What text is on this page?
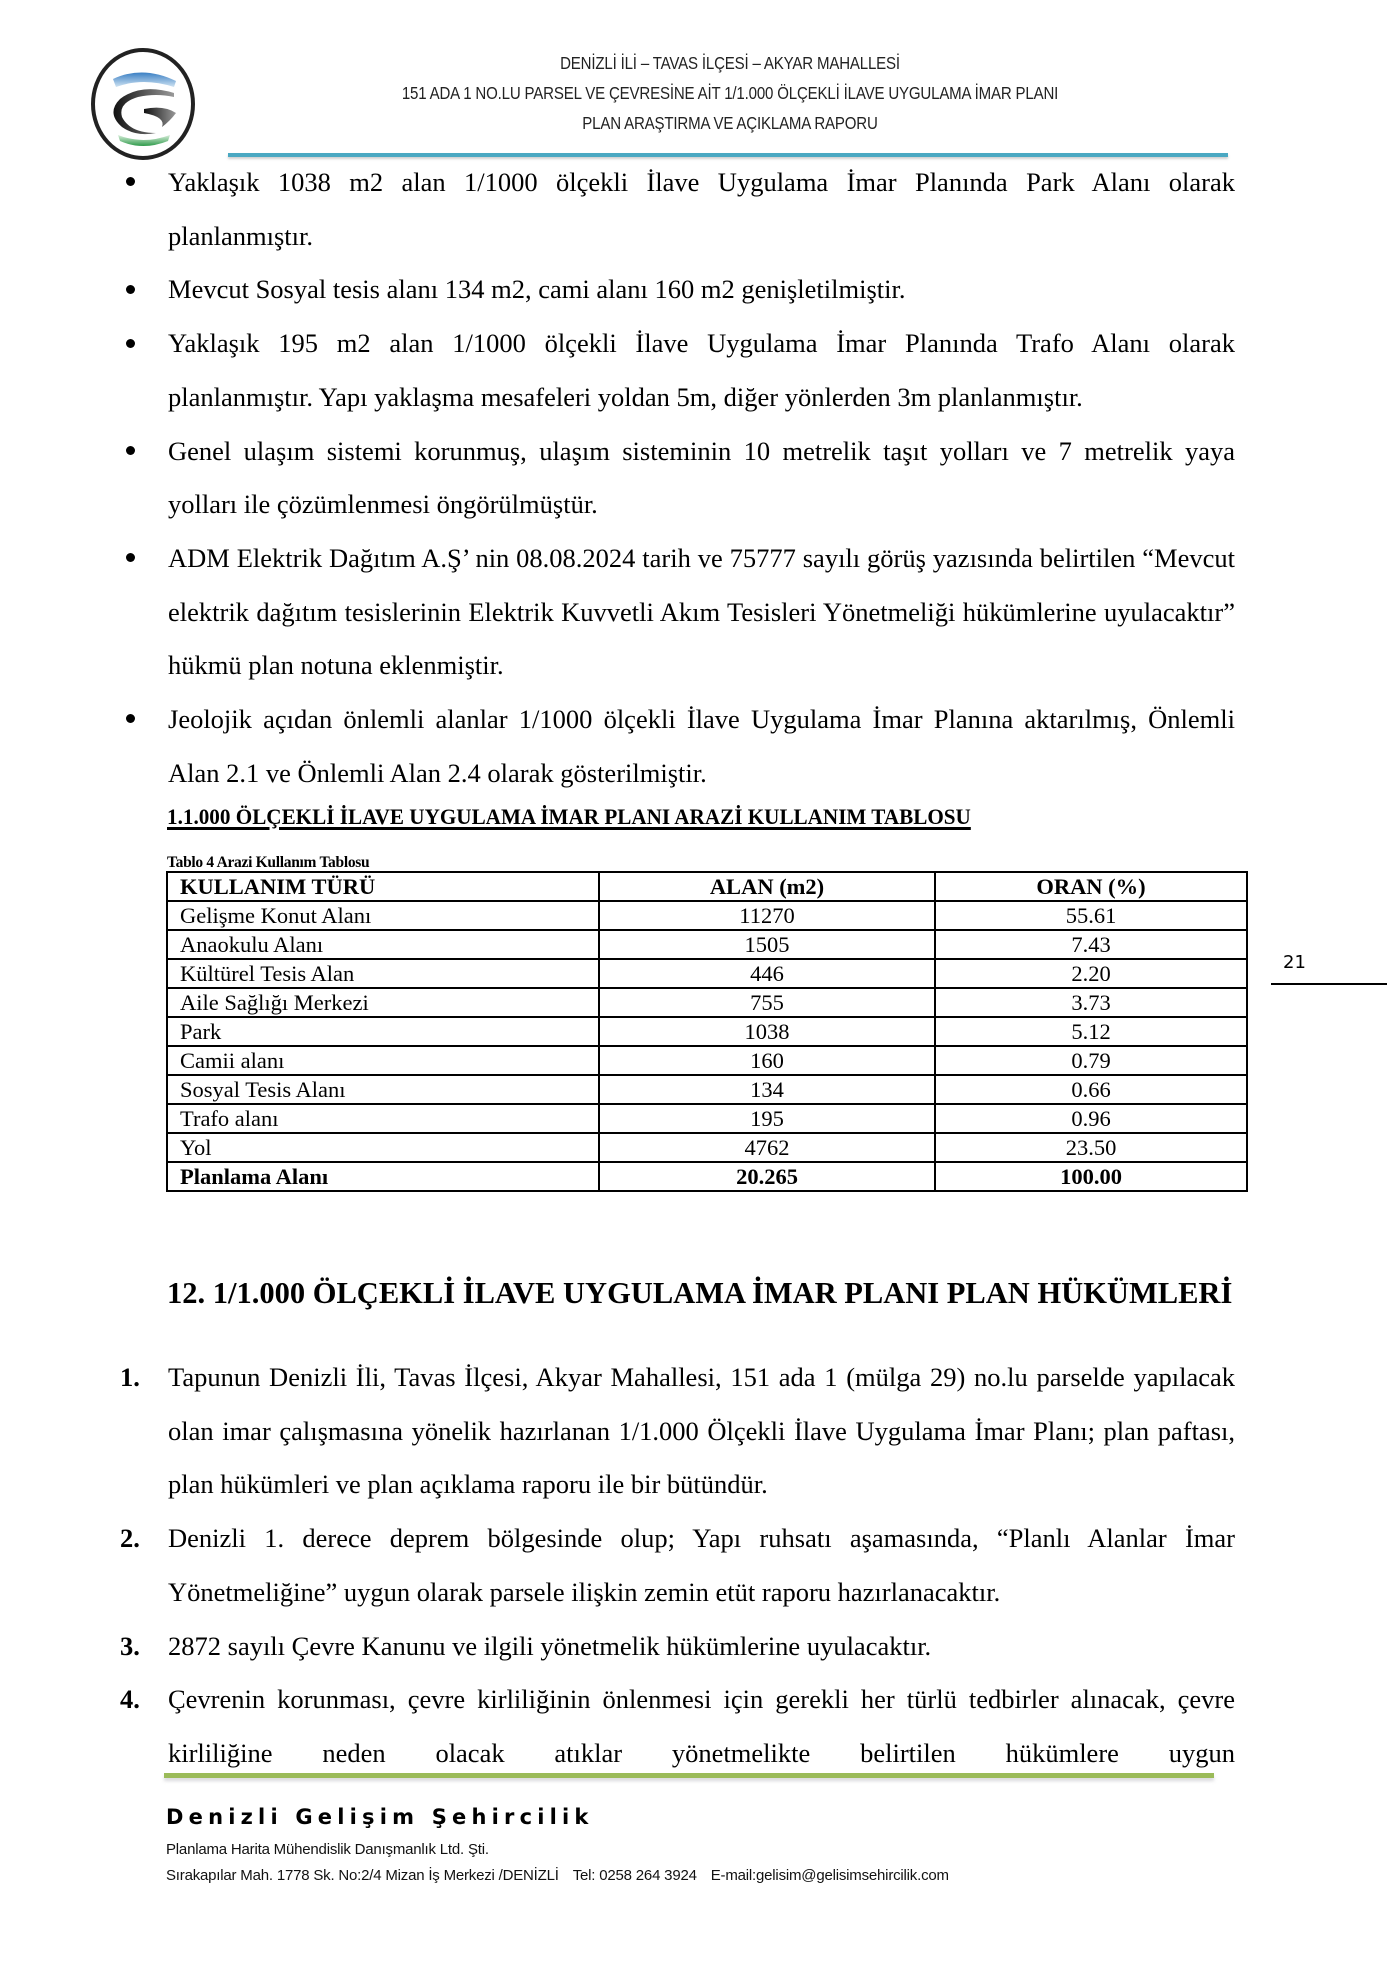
DENİZLİ İLİ – TAVAS İLÇESİ – AKYAR MAHALLESİ
151 ADA 1 NO.LU PARSEL VE ÇEVRESİNE AİT 1/1.000 ÖLÇEKLİ İLAVE UYGULAMA İMAR PLANI
PLAN ARAŞTIRMA VE AÇIKLAMA RAPORU
Yaklaşık 1038 m2 alan 1/1000 ölçekli İlave Uygulama İmar Planında Park Alanı olarak planlanmıştır.
Mevcut Sosyal tesis alanı 134 m2, cami alanı 160 m2 genişletilmiştir.
Yaklaşık 195 m2 alan 1/1000 ölçekli İlave Uygulama İmar Planında Trafo Alanı olarak planlanmıştır. Yapı yaklaşma mesafeleri yoldan 5m, diğer yönlerden 3m planlanmıştır.
Genel ulaşım sistemi korunmuş, ulaşım sisteminin 10 metrelik taşıt yolları ve 7 metrelik yaya yolları ile çözümlenmesi öngörülmüştür.
ADM Elektrik Dağıtım A.Ş’ nin 08.08.2024 tarih ve 75777 sayılı görüş yazısında belirtilen “Mevcut elektrik dağıtım tesislerinin Elektrik Kuvvetli Akım Tesisleri Yönetmeliği hükümlerine uyulacaktır” hükmü plan notuna eklenmiştir.
Jeolojik açıdan önlemli alanlar 1/1000 ölçekli İlave Uygulama İmar Planına aktarılmış, Önlemli Alan 2.1 ve Önlemli Alan 2.4 olarak gösterilmiştir.
1.1.000 ÖLÇEKLİ İLAVE UYGULAMA İMAR PLANI ARAZİ KULLANIM TABLOSU
Tablo 4 Arazi Kullanım Tablosu
KULLANIM TÜRÜ	ALAN (m2)	ORAN (%)
Gelişme Konut Alanı	11270	55.61
Anaokulu Alanı	1505	7.43
Kültürel Tesis Alan	446	2.20
Aile Sağlığı Merkezi	755	3.73
Park	1038	5.12
Camii alanı	160	0.79
Sosyal Tesis Alanı	134	0.66
Trafo alanı	195	0.96
Yol	4762	23.50
Planlama Alanı	20.265	100.00
21
12. 1/1.000 ÖLÇEKLİ İLAVE UYGULAMA İMAR PLANI PLAN HÜKÜMLERİ
1.	Tapunun Denizli İli, Tavas İlçesi, Akyar Mahallesi, 151 ada 1 (mülga 29) no.lu parselde yapılacak olan imar çalışmasına yönelik hazırlanan 1/1.000 Ölçekli İlave Uygulama İmar Planı; plan paftası, plan hükümleri ve plan açıklama raporu ile bir bütündür.
2.	Denizli 1. derece deprem bölgesinde olup; Yapı ruhsatı aşamasında, “Planlı Alanlar İmar Yönetmeliğine” uygun olarak parsele ilişkin zemin etüt raporu hazırlanacaktır.
3.	2872 sayılı Çevre Kanunu ve ilgili yönetmelik hükümlerine uyulacaktır.
4.	Çevrenin korunması, çevre kirliliğinin önlenmesi için gerekli her türlü tedbirler alınacak, çevre kirliliğine neden olacak atıklar yönetmelikte belirtilen hükümlere uygun
Denizli Gelişim Şehircilik
Planlama Harita Mühendislik Danışmanlık Ltd. Şti.
Sırakapılar Mah. 1778 Sk. No:2/4 Mizan İş Merkezi /DENİZLİ Tel: 0258 264 3924 E-mail:gelisim@gelisimsehircilik.com
